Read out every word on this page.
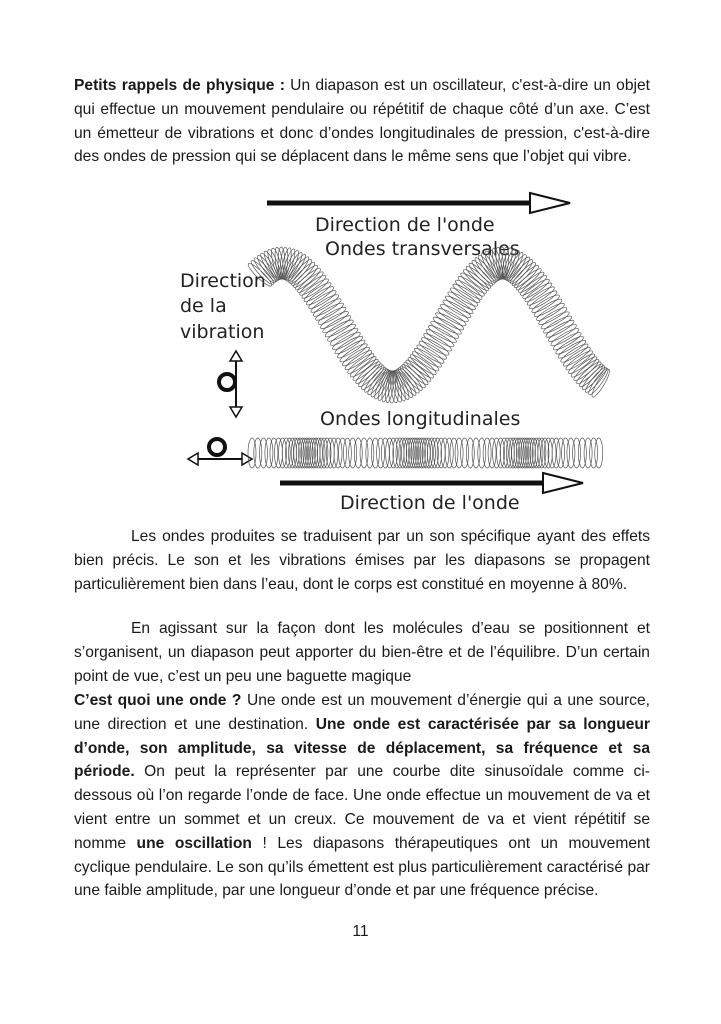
Petits rappels de physique : Un diapason est un oscillateur, c'est-à-dire un objet qui effectue un mouvement pendulaire ou répétitif de chaque côté d’un axe. C’est un émetteur de vibrations et donc d’ondes longitudinales de pression, c'est-à-dire des ondes de pression qui se déplacent dans le même sens que l’objet qui vibre.

Direction de l'onde
Ondes transversales
Direction
de la
vibration
Ondes longitudinales
Direction de l'onde

Les ondes produites se traduisent par un son spécifique ayant des effets bien précis. Le son et les vibrations émises par les diapasons se propagent particulièrement bien dans l’eau, dont le corps est constitué en moyenne à 80%.

En agissant sur la façon dont les molécules d’eau se positionnent et s’organisent, un diapason peut apporter du bien-être et de l’équilibre. D’un certain point de vue, c’est un peu une baguette magique

C’est quoi une onde ? Une onde est un mouvement d’énergie qui a une source, une direction et une destination. Une onde est caractérisée par sa longueur d’onde, son amplitude, sa vitesse de déplacement, sa fréquence et sa période. On peut la représenter par une courbe dite sinusoïdale comme ci-dessous où l’on regarde l’onde de face. Une onde effectue un mouvement de va et vient entre un sommet et un creux. Ce mouvement de va et vient répétitif se nomme une oscillation ! Les diapasons thérapeutiques ont un mouvement cyclique pendulaire. Le son qu’ils émettent est plus particulièrement caractérisé par une faible amplitude, par une longueur d’onde et par une fréquence précise.

11
